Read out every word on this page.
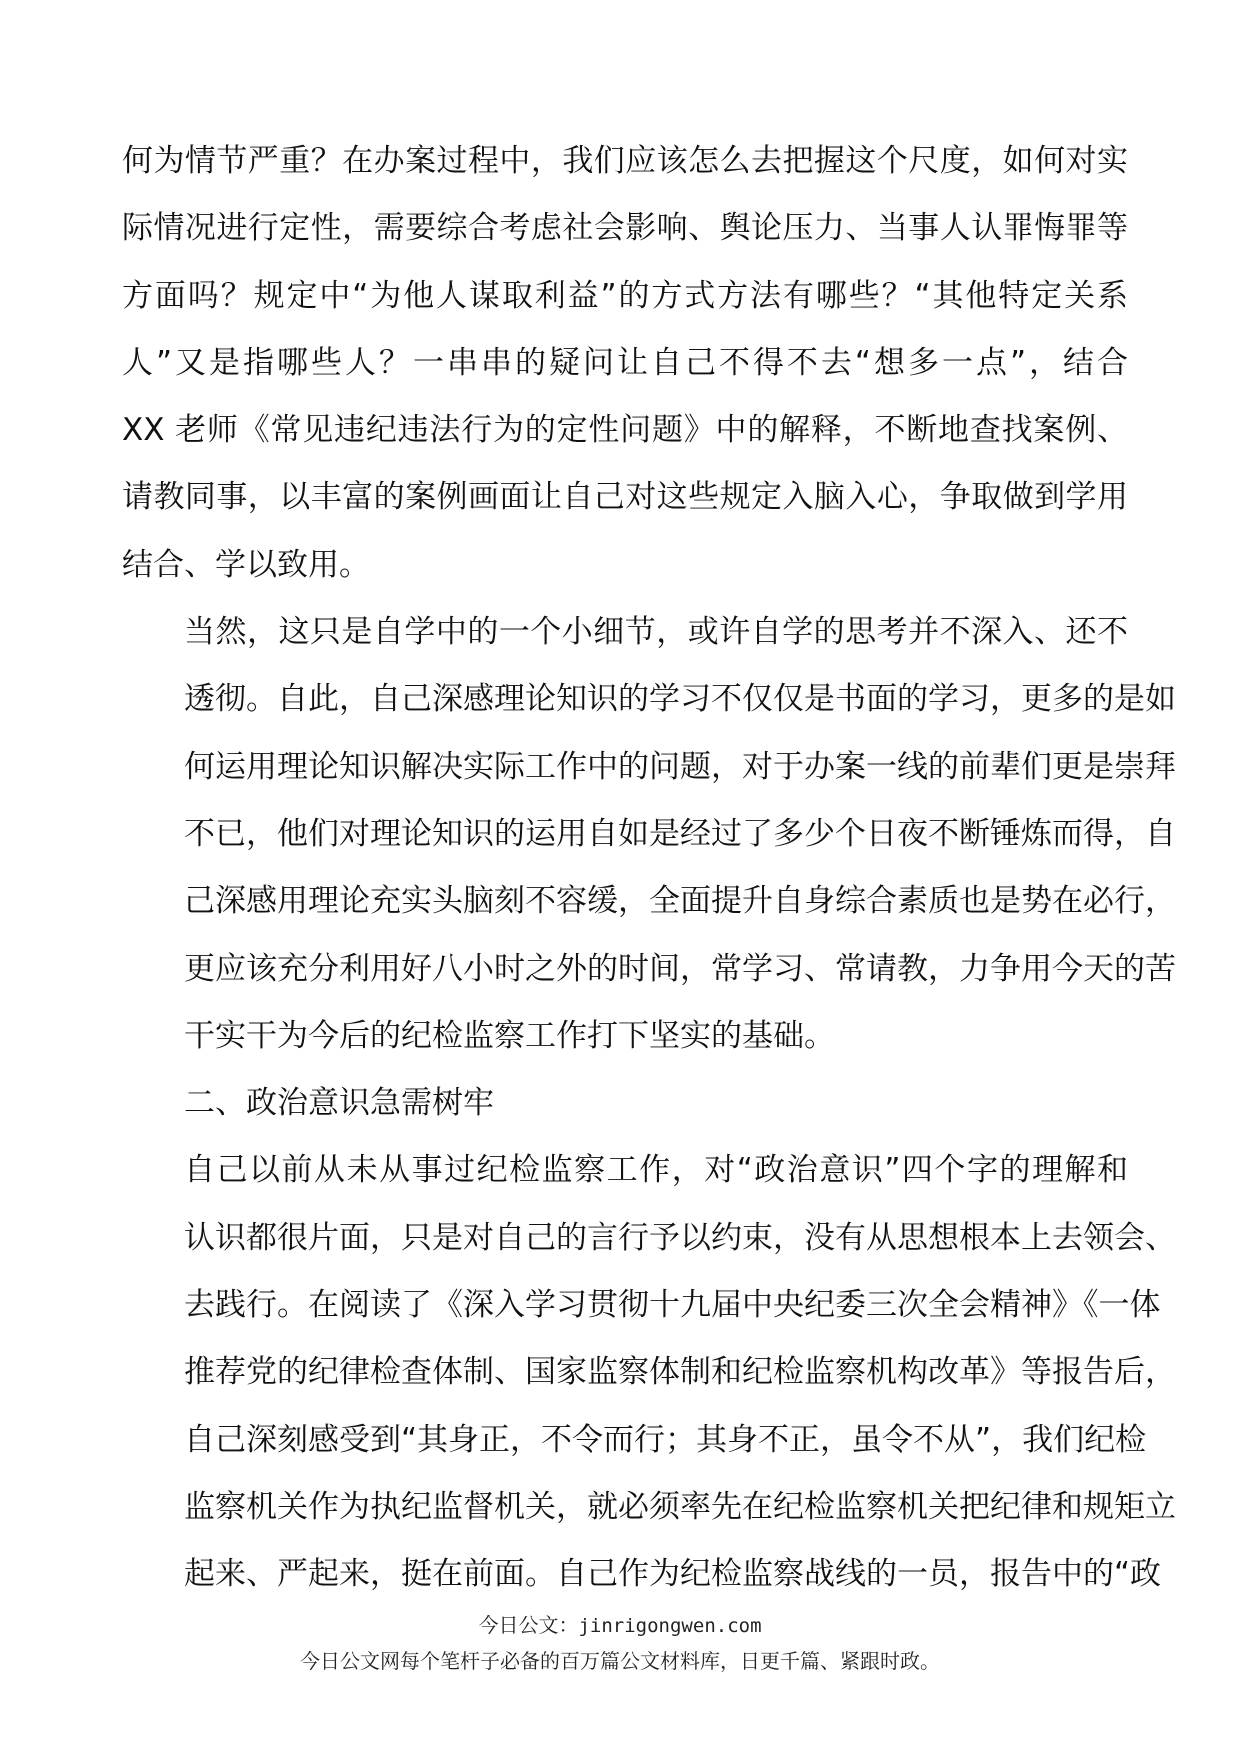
何为情节严重？在办案过程中，我们应该怎么去把握这个尺度，如何对实
际情况进行定性，需要综合考虑社会影响、舆论压力、当事人认罪悔罪等
方面吗？规定中“为他人谋取利益”的方式方法有哪些？“其他特定关系
人”又是指哪些人？一串串的疑问让自己不得不去“想多一点”，结合
XX 老师《常见违纪违法行为的定性问题》中的解释，不断地查找案例、
请教同事，以丰富的案例画面让自己对这些规定入脑入心，争取做到学用
结合、学以致用。

当然，这只是自学中的一个小细节，或许自学的思考并不深入、还不
透彻。自此，自己深感理论知识的学习不仅仅是书面的学习，更多的是如
何运用理论知识解决实际工作中的问题，对于办案一线的前辈们更是崇拜
不已，他们对理论知识的运用自如是经过了多少个日夜不断锤炼而得，自
己深感用理论充实头脑刻不容缓，全面提升自身综合素质也是势在必行，
更应该充分利用好八小时之外的时间，常学习、常请教，力争用今天的苦
干实干为今后的纪检监察工作打下坚实的基础。

二、政治意识急需树牢

自己以前从未从事过纪检监察工作，对“政治意识”四个字的理解和
认识都很片面，只是对自己的言行予以约束，没有从思想根本上去领会、
去践行。在阅读了《深入学习贯彻十九届中央纪委三次全会精神》《一体
推荐党的纪律检查体制、国家监察体制和纪检监察机构改革》等报告后，
自己深刻感受到“其身正，不令而行；其身不正，虽令不从”，我们纪检
监察机关作为执纪监督机关，就必须率先在纪检监察机关把纪律和规矩立
起来、严起来，挺在前面。自己作为纪检监察战线的一员，报告中的“政

今日公文：jinrigongwen.com
今日公文网每个笔杆子必备的百万篇公文材料库，日更千篇、紧跟时政。
